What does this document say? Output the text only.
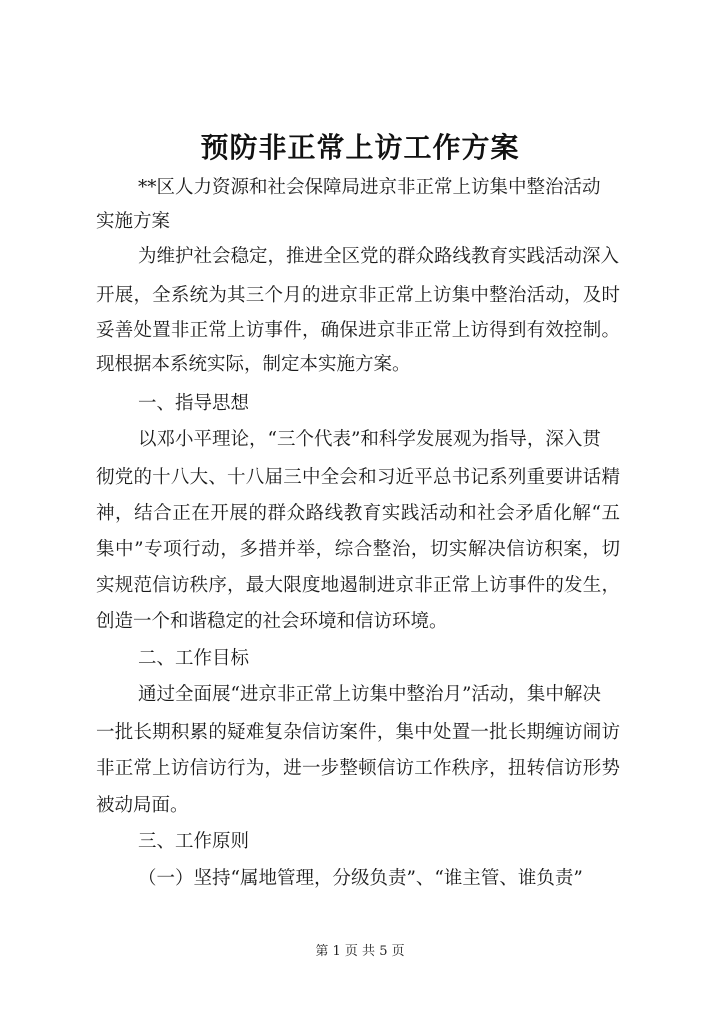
预防非正常上访工作方案
**区人力资源和社会保障局进京非正常上访集中整治活动
实施方案
为维护社会稳定，推进全区党的群众路线教育实践活动深入
开展，全系统为其三个月的进京非正常上访集中整治活动，及时
妥善处置非正常上访事件，确保进京非正常上访得到有效控制。
现根据本系统实际，制定本实施方案。
一、指导思想
以邓小平理论，“三个代表”和科学发展观为指导，深入贯
彻党的十八大、十八届三中全会和习近平总书记系列重要讲话精
神，结合正在开展的群众路线教育实践活动和社会矛盾化解“五
集中”专项行动，多措并举，综合整治，切实解决信访积案，切
实规范信访秩序，最大限度地遏制进京非正常上访事件的发生，
创造一个和谐稳定的社会环境和信访环境。
二、工作目标
通过全面展“进京非正常上访集中整治月”活动，集中解决
一批长期积累的疑难复杂信访案件，集中处置一批长期缠访闹访
非正常上访信访行为，进一步整顿信访工作秩序，扭转信访形势
被动局面。
三、工作原则
（一）坚持“属地管理，分级负责”、“谁主管、谁负责”
第 1 页 共 5 页
